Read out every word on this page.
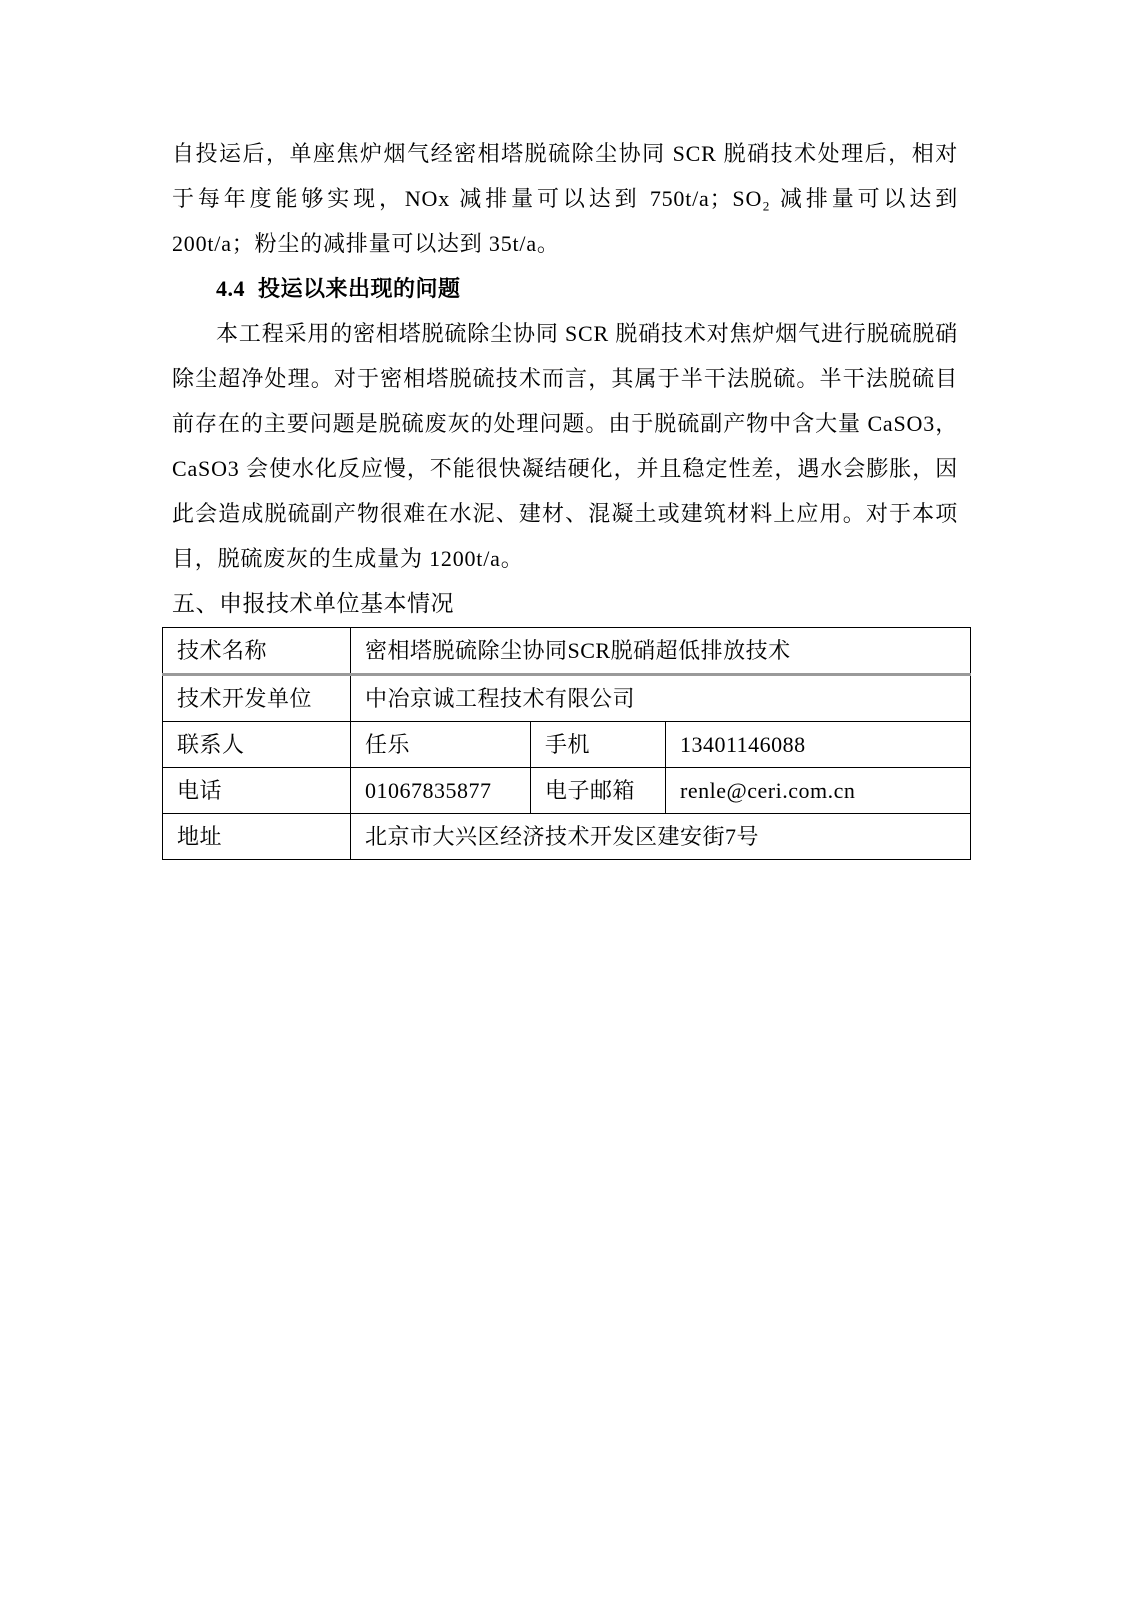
自投运后，单座焦炉烟气经密相塔脱硫除尘协同 SCR 脱硝技术处理后，相对于每年度能够实现，NOx 减排量可以达到 750t/a；SO₂ 减排量可以达到 200t/a；粉尘的减排量可以达到 35t/a。

4.4 投运以来出现的问题

本工程采用的密相塔脱硫除尘协同 SCR 脱硝技术对焦炉烟气进行脱硫脱硝除尘超净处理。对于密相塔脱硫技术而言，其属于半干法脱硫。半干法脱硫目前存在的主要问题是脱硫废灰的处理问题。由于脱硫副产物中含大量 CaSO3，CaSO3 会使水化反应慢，不能很快凝结硬化，并且稳定性差，遇水会膨胀，因此会造成脱硫副产物很难在水泥、建材、混凝土或建筑材料上应用。对于本项目，脱硫废灰的生成量为 1200t/a。

五、申报技术单位基本情况

技术名称	密相塔脱硫除尘协同SCR脱硝超低排放技术		
技术开发单位	中冶京诚工程技术有限公司		
联系人	任乐	手机	13401146088
电话	01067835877	电子邮箱	renle@ceri.com.cn
地址	北京市大兴区经济技术开发区建安街7号		
